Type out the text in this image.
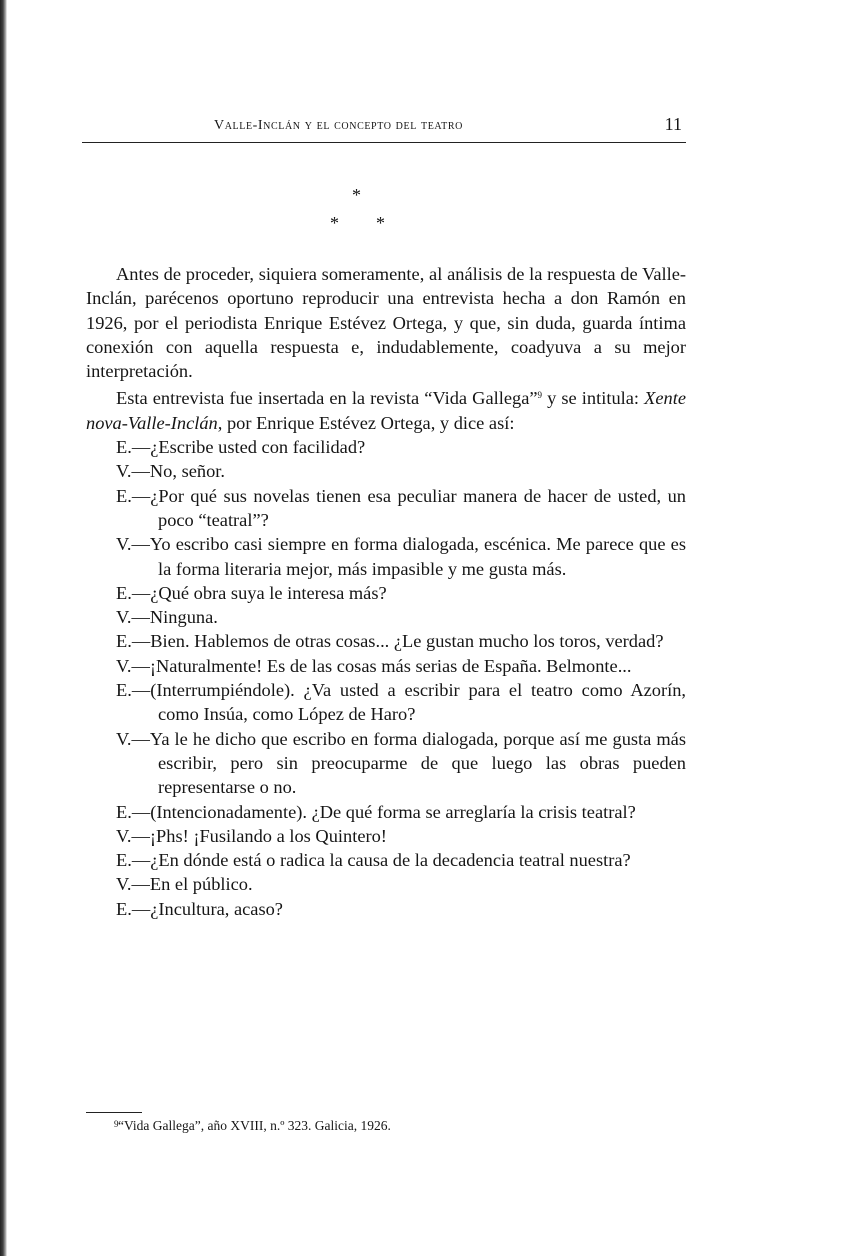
Valle-Inclán y el concepto del teatro	11
*
* *

Antes de proceder, siquiera someramente, al análisis de la respuesta de Valle-Inclán, parécenos oportuno reproducir una entrevista hecha a don Ramón en 1926, por el periodista Enrique Estévez Ortega, y que, sin duda, guarda íntima conexión con aquella respuesta e, indudablemente, coadyuva a su mejor interpretación.

Esta entrevista fue insertada en la revista “Vida Gallega”$^9$ y se intitula: Xente nova-Valle-Inclán, por Enrique Estévez Ortega, y dice así:

E.—¿Escribe usted con facilidad?

V.—No, señor.

E.—¿Por qué sus novelas tienen esa peculiar manera de hacer de usted, un poco “teatral”?

V.—Yo escribo casi siempre en forma dialogada, escénica. Me parece que es la forma literaria mejor, más impasible y me gusta más.

E.—¿Qué obra suya le interesa más?

V.—Ninguna.

E.—Bien. Hablemos de otras cosas... ¿Le gustan mucho los toros, verdad?

V.—¡Naturalmente! Es de las cosas más serias de España. Belmonte...

E.—(Interrumpiéndole). ¿Va usted a escribir para el teatro como Azorín, como Insúa, como López de Haro?

V.—Ya le he dicho que escribo en forma dialogada, porque así me gusta más escribir, pero sin preocuparme de que luego las obras pueden representarse o no.

E.—(Intencionadamente). ¿De qué forma se arreglaría la crisis teatral?

V.—¡Phs! ¡Fusilando a los Quintero!

E.—¿En dónde está o radica la causa de la decadencia teatral nuestra?

V.—En el público.

E.—¿Incultura, acaso?

9 “Vida Gallega”, año XVIII, n.º 323. Galicia, 1926.
